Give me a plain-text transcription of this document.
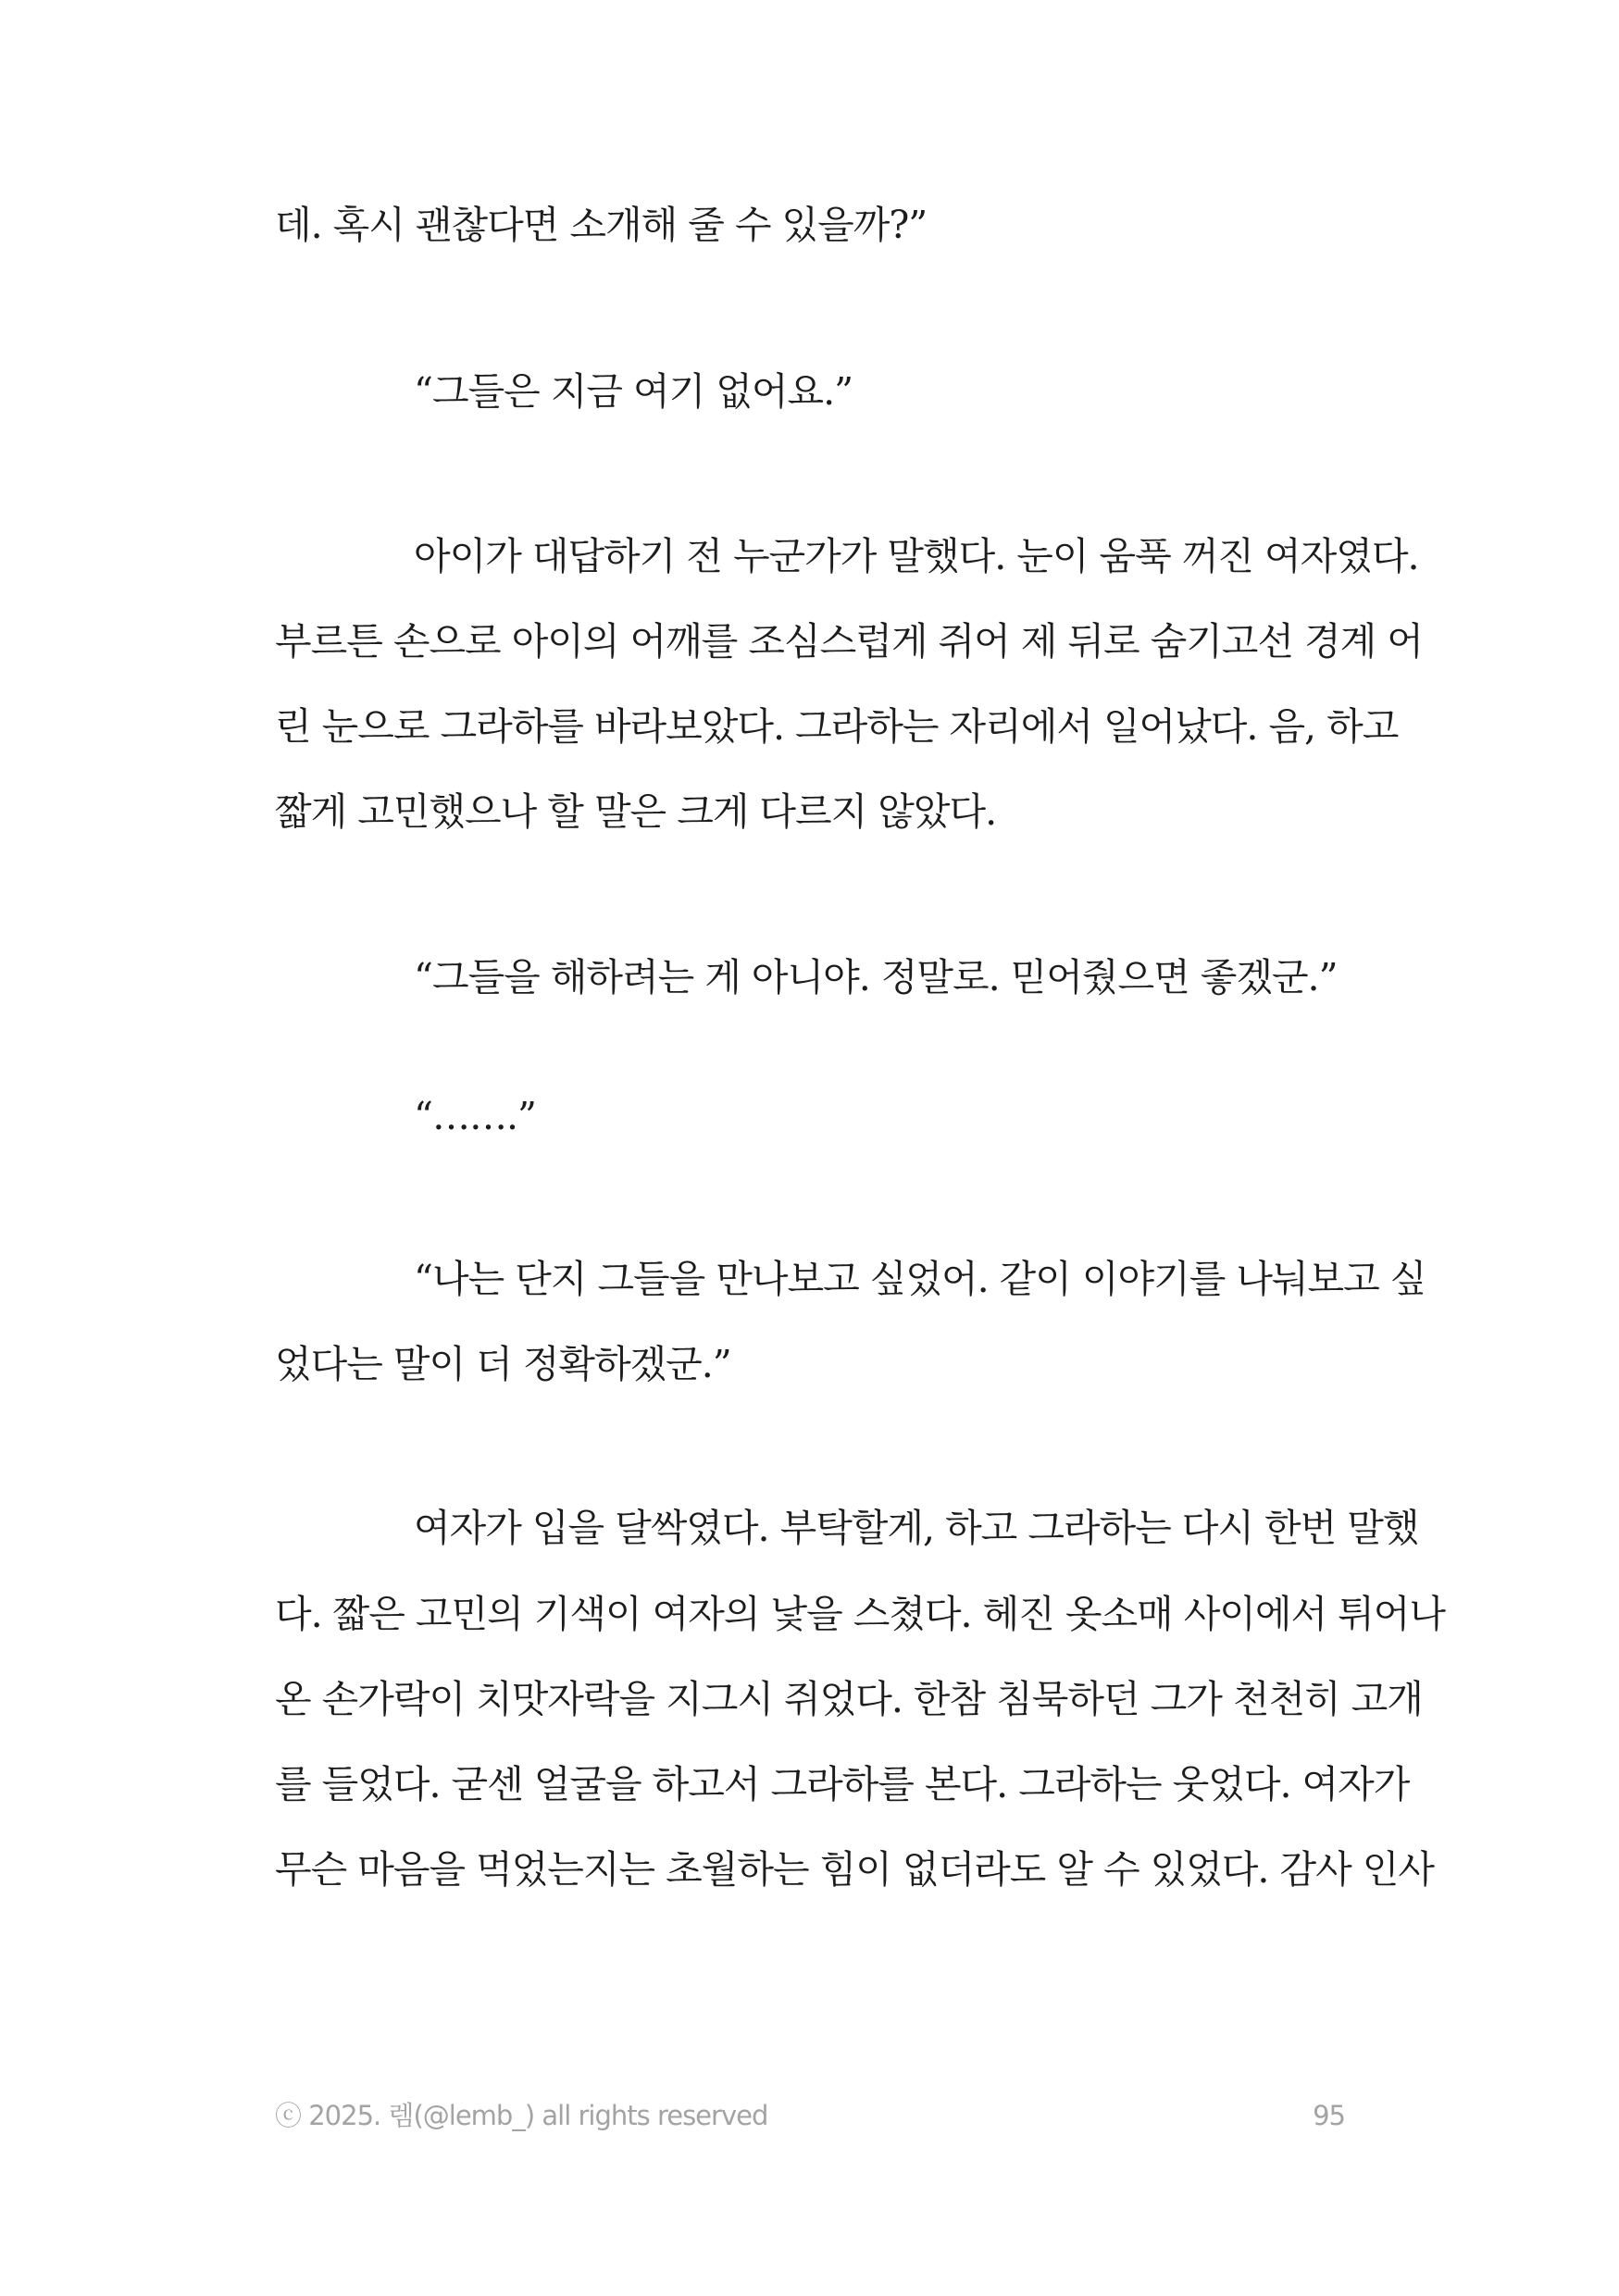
데. 혹시 괜찮다면 소개해 줄 수 있을까?”
“그들은 지금 여기 없어요.”
아이가 대답하기 전 누군가가 말했다. 눈이 움푹 꺼진 여자였다.
부르튼 손으로 아이의 어깨를 조심스럽게 쥐어 제 뒤로 숨기고선 경계 어
린 눈으로 그라하를 바라보았다. 그라하는 자리에서 일어났다. 음, 하고
짧게 고민했으나 할 말은 크게 다르지 않았다.
“그들을 해하려는 게 아니야. 정말로. 믿어줬으면 좋겠군.”
“…….”
“나는 단지 그들을 만나보고 싶었어. 같이 이야기를 나눠보고 싶
었다는 말이 더 정확하겠군.”
여자가 입을 달싹였다. 부탁할게, 하고 그라하는 다시 한번 말했
다. 짧은 고민의 기색이 여자의 낯을 스쳤다. 헤진 옷소매 사이에서 튀어나
온 손가락이 치맛자락을 지그시 쥐었다. 한참 침묵하던 그가 천천히 고개
를 들었다. 굳센 얼굴을 하고서 그라하를 본다. 그라하는 웃었다. 여자가
무슨 마음을 먹었는지는 초월하는 힘이 없더라도 알 수 있었다. 감사 인사
ⓒ 2025. 렘(@lemb_) all rights reserved	95
